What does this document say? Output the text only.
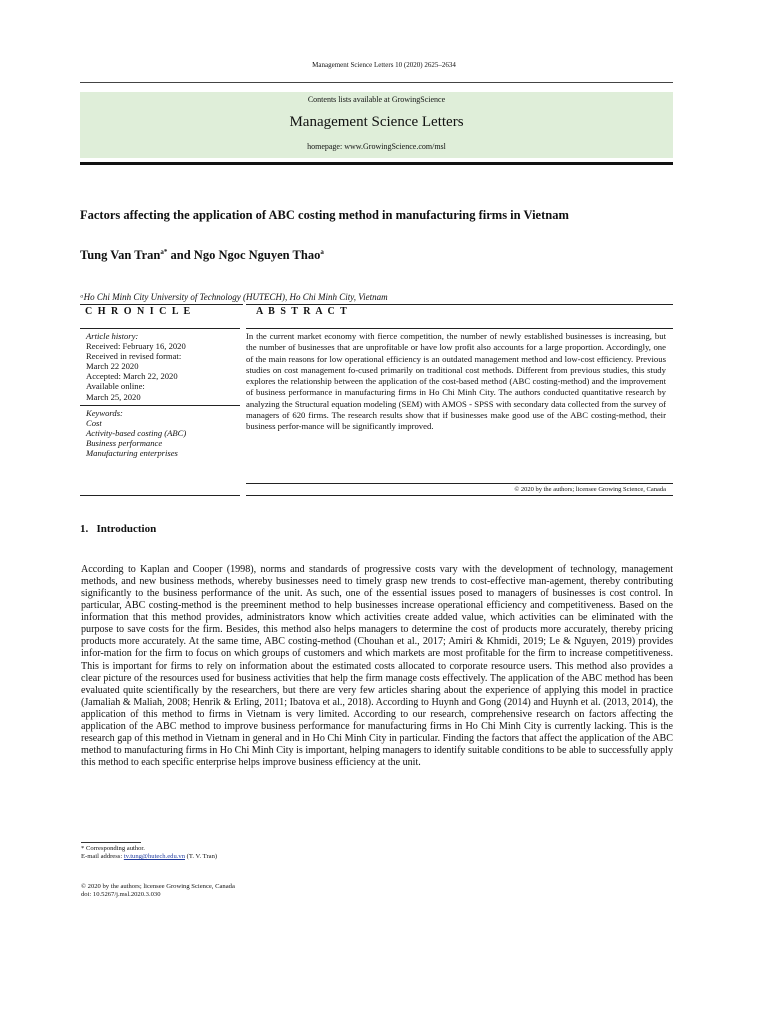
Management Science Letters 10 (2020) 2625–2634
Contents lists available at GrowingScience
Management Science Letters
homepage: www.GrowingScience.com/msl
Factors affecting the application of ABC costing method in manufacturing firms in Vietnam
Tung Van Tran$^{a*}$ and Ngo Ngoc Nguyen Thao$^a$
ᵃHo Chi Minh City University of Technology (HUTECH), Ho Chi Minh City, Vietnam
C H R O N I C L E	A B S T R A C T
Article history:
Received: February 16, 2020
Received in revised format:
March 22 2020
Accepted: March 22, 2020
Available online:
March 25, 2020
Keywords:
Cost
Activity-based costing (ABC)
Business performance
Manufacturing enterprises
In the current market economy with fierce competition, the number of newly established businesses is increasing, but the number of businesses that are unprofitable or have low profit also accounts for a large proportion. Accordingly, one of the main reasons for low operational efficiency is an outdated management method and low-cost efficiency. Previous studies on cost management fo-cused primarily on traditional cost methods. Different from previous studies, this study explores the relationship between the application of the cost-based method (ABC costing-method) and the improvement of business performance in manufacturing firms in Ho Chi Minh City. The authors conducted quantitative research by analyzing the Structural equation modeling (SEM) with AMOS - SPSS with secondary data collected from the survey of managers of 620 firms. The research results show that if businesses make good use of the ABC costing-method, their business perfor-mance will be significantly improved.
© 2020 by the authors; licensee Growing Science, Canada
1.   Introduction
According to Kaplan and Cooper (1998), norms and standards of progressive costs vary with the development of technology, management methods, and new business methods, whereby businesses need to timely grasp new trends to cost-effective man-agement, thereby contributing significantly to the business performance of the unit. As such, one of the essential issues posed to managers of businesses is cost control. In particular, ABC costing-method is the preeminent method to help businesses increase operational efficiency and competitiveness. Based on the information that this method provides, administrators know which activities create added value, which activities can be eliminated with the purpose to save costs for the firm. Besides, this method also helps managers to determine the cost of products more accurately, thereby pricing products more accurately. At the same time, ABC costing-method (Chouhan et al., 2017; Amiri & Khmidi, 2019; Le & Nguyen, 2019) provides infor-mation for the firm to focus on which groups of customers and which markets are most profitable for the firm to increase competitiveness. This is important for firms to rely on information about the estimated costs allocated to corporate resource users. This method also provides a clear picture of the resources used for business activities that help the firm manage costs effectively. The application of the ABC method has been evaluated quite scientifically by the researchers, but there are very few articles sharing about the experience of applying this model in practice (Jamaliah & Maliah, 2008; Henrik & Erling, 2011; Ibatova et al., 2018). According to Huynh and Gong (2014) and Huynh et al. (2013, 2014), the application of this method to firms in Vietnam is very limited. According to our research, comprehensive research on factors affecting the application of the ABC method to improve business performance for manufacturing firms in Ho Chi Minh City is currently lacking. This is the research gap of this method in Vietnam in general and in Ho Chi Minh City in particular. Finding the factors that affect the application of the ABC method to manufacturing firms in Ho Chi Minh City is important, helping managers to identify suitable conditions to be able to successfully apply this method to each specific enterprise helps improve business efficiency at the unit.
* Corresponding author.
E-mail address: tv.tung@hutech.edu.vn (T. V. Tran)
© 2020 by the authors; licensee Growing Science, Canada
doi: 10.5267/j.msl.2020.3.030
